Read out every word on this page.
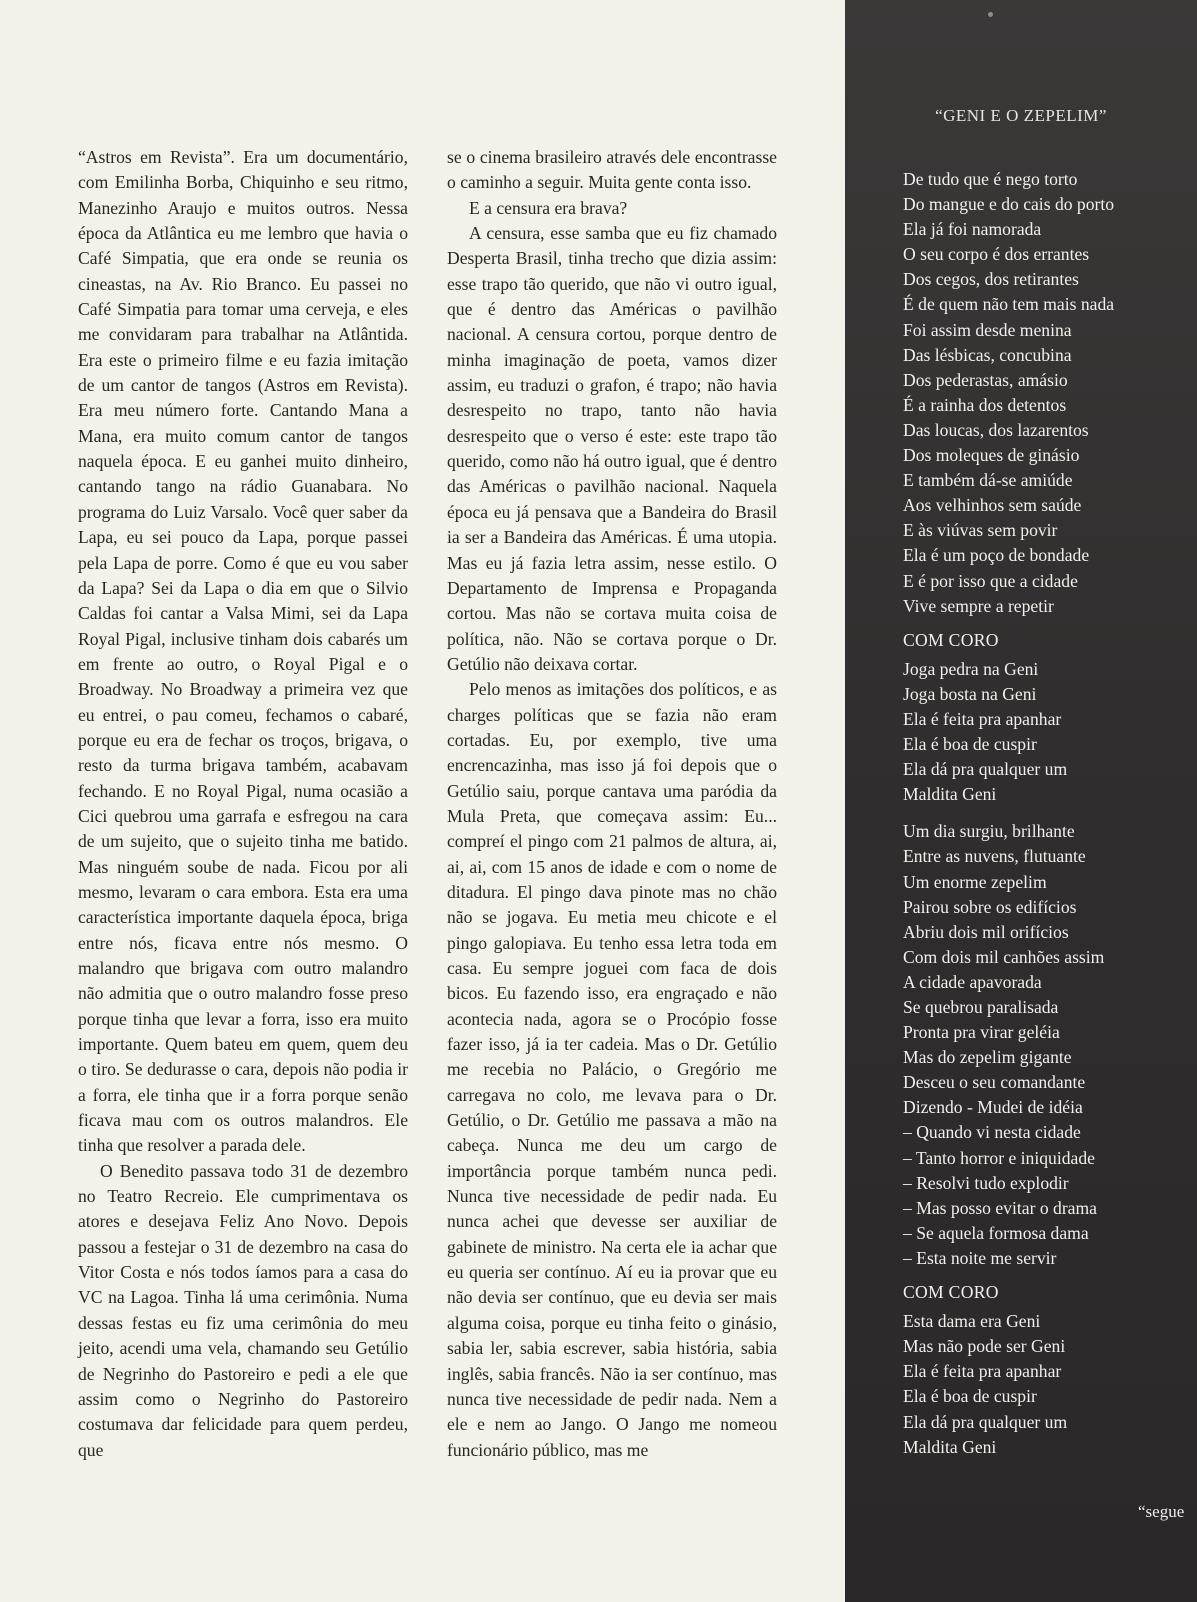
“Astros em Revista”. Era um documentário, com Emilinha Borba, Chiquinho e seu ritmo, Manezinho Araujo e muitos outros. Nessa época da Atlântica eu me lembro que havia o Café Simpatia, que era onde se reunia os cineastas, na Av. Rio Branco. Eu passei no Café Simpatia para tomar uma cerveja, e eles me convidaram para trabalhar na Atlântida. Era este o primeiro filme e eu fazia imitação de um cantor de tangos (Astros em Revista). Era meu número forte. Cantando Mana a Mana, era muito comum cantor de tangos naquela época. E eu ganhei muito dinheiro, cantando tango na rádio Guanabara. No programa do Luiz Varsalo. Você quer saber da Lapa, eu sei pouco da Lapa, porque passei pela Lapa de porre. Como é que eu vou saber da Lapa? Sei da Lapa o dia em que o Silvio Caldas foi cantar a Valsa Mimi, sei da Lapa Royal Pigal, inclusive tinham dois cabarés um em frente ao outro, o Royal Pigal e o Broadway. No Broadway a primeira vez que eu entrei, o pau comeu, fechamos o cabaré, porque eu era de fechar os troços, brigava, o resto da turma brigava também, acabavam fechando. E no Royal Pigal, numa ocasião a Cici quebrou uma garrafa e esfregou na cara de um sujeito, que o sujeito tinha me batido. Mas ninguém soube de nada. Ficou por ali mesmo, levaram o cara embora. Esta era uma característica importante daquela época, briga entre nós, ficava entre nós mesmo. O malandro que brigava com outro malandro não admitia que o outro malandro fosse preso porque tinha que levar a forra, isso era muito importante. Quem bateu em quem, quem deu o tiro. Se dedurasse o cara, depois não podia ir a forra, ele tinha que ir a forra porque senão ficava mau com os outros malandros. Ele tinha que resolver a parada dele.

O Benedito passava todo 31 de dezembro no Teatro Recreio. Ele cumprimentava os atores e desejava Feliz Ano Novo. Depois passou a festejar o 31 de dezembro na casa do Vitor Costa e nós todos íamos para a casa do VC na Lagoa. Tinha lá uma cerimônia. Numa dessas festas eu fiz uma cerimônia do meu jeito, acendi uma vela, chamando seu Getúlio de Negrinho do Pastoreiro e pedi a ele que assim como o Negrinho do Pastoreiro costumava dar felicidade para quem perdeu, que

se o cinema brasileiro através dele encontrasse o caminho a seguir. Muita gente conta isso.

E a censura era brava?

A censura, esse samba que eu fiz chamado Desperta Brasil, tinha trecho que dizia assim: esse trapo tão querido, que não vi outro igual, que é dentro das Américas o pavilhão nacional. A censura cortou, porque dentro de minha imaginação de poeta, vamos dizer assim, eu traduzi o grafon, é trapo; não havia desrespeito no trapo, tanto não havia desrespeito que o verso é este: este trapo tão querido, como não há outro igual, que é dentro das Américas o pavilhão nacional. Naquela época eu já pensava que a Bandeira do Brasil ia ser a Bandeira das Américas. É uma utopia. Mas eu já fazia letra assim, nesse estilo. O Departamento de Imprensa e Propaganda cortou. Mas não se cortava muita coisa de política, não. Não se cortava porque o Dr. Getúlio não deixava cortar.

Pelo menos as imitações dos políticos, e as charges políticas que se fazia não eram cortadas. Eu, por exemplo, tive uma encrencazinha, mas isso já foi depois que o Getúlio saiu, porque cantava uma paródia da Mula Preta, que começava assim: Eu... compreí el pingo com 21 palmos de altura, ai, ai, ai, com 15 anos de idade e com o nome de ditadura. El pingo dava pinote mas no chão não se jogava. Eu metia meu chicote e el pingo galopiava. Eu tenho essa letra toda em casa. Eu sempre joguei com faca de dois bicos. Eu fazendo isso, era engraçado e não acontecia nada, agora se o Procópio fosse fazer isso, já ia ter cadeia. Mas o Dr. Getúlio me recebia no Palácio, o Gregório me carregava no colo, me levava para o Dr. Getúlio, o Dr. Getúlio me passava a mão na cabeça. Nunca me deu um cargo de importância porque também nunca pedi. Nunca tive necessidade de pedir nada. Eu nunca achei que devesse ser auxiliar de gabinete de ministro. Na certa ele ia achar que eu queria ser contínuo. Aí eu ia provar que eu não devia ser contínuo, que eu devia ser mais alguma coisa, porque eu tinha feito o ginásio, sabia ler, sabia escrever, sabia história, sabia inglês, sabia francês. Não ia ser contínuo, mas nunca tive necessidade de pedir nada. Nem a ele e nem ao Jango. O Jango me nomeou funcionário público, mas me

“GENI E O ZEPELIM”
De tudo que é nego torto
Do mangue e do cais do porto
Ela já foi namorada
O seu corpo é dos errantes
Dos cegos, dos retirantes
É de quem não tem mais nada
Foi assim desde menina
Das lésbicas, concubina
Dos pederastas, amásio
É a rainha dos detentos
Das loucas, dos lazarentos
Dos moleques de ginásio
E também dá-se amiúde
Aos velhinhos sem saúde
E às viúvas sem povir
Ela é um poço de bondade
E é por isso que a cidade
Vive sempre a repetir
COM CORO
Joga pedra na Geni
Joga bosta na Geni
Ela é feita pra apanhar
Ela é boa de cuspir
Ela dá pra qualquer um
Maldita Geni
Um dia surgiu, brilhante
Entre as nuvens, flutuante
Um enorme zepelim
Pairou sobre os edifícios
Abriu dois mil orifícios
Com dois mil canhões assim
A cidade apavorada
Se quebrou paralisada
Pronta pra virar geléia
Mas do zepelim gigante
Desceu o seu comandante
Dizendo - Mudei de idéia
– Quando vi nesta cidade
– Tanto horror e iniquidade
– Resolvi tudo explodir
– Mas posso evitar o drama
– Se aquela formosa dama
– Esta noite me servir
COM CORO
Esta dama era Geni
Mas não pode ser Geni
Ela é feita pra apanhar
Ela é boa de cuspir
Ela dá pra qualquer um
Maldita Geni
“segue
